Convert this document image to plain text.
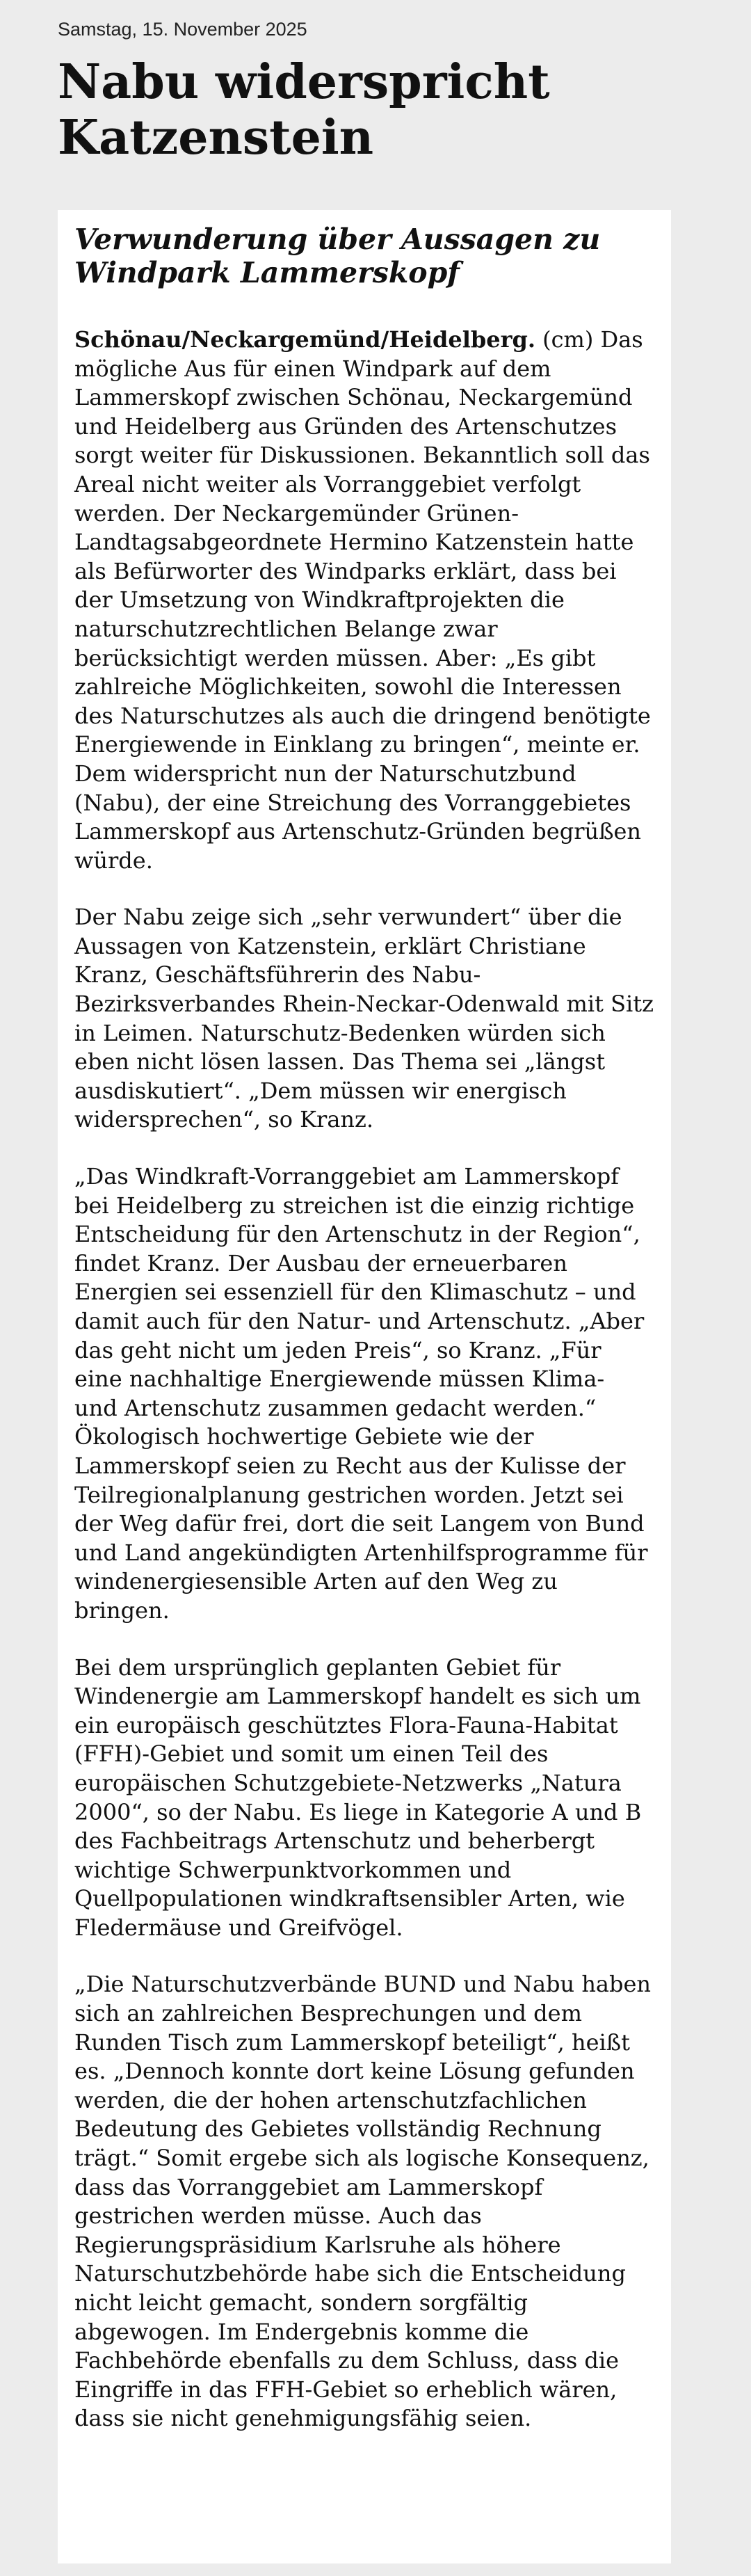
Samstag, 15. November 2025
Nabu widerspricht Katzenstein
Verwunderung über Aussagen zu Windpark Lammerskopf

Schönau/Neckargemünd/Heidelberg. (cm) Das mögliche Aus für einen Windpark auf dem Lammerskopf zwischen Schönau, Neckargemünd und Heidelberg aus Gründen des Artenschutzes sorgt weiter für Diskussionen. Bekanntlich soll das Areal nicht weiter als Vorranggebiet verfolgt werden. Der Neckargemünder Grünen-Landtagsabgeordnete Hermino Katzenstein hatte als Befürworter des Windparks erklärt, dass bei der Umsetzung von Windkraftprojekten die naturschutzrechtlichen Belange zwar berücksichtigt werden müssen. Aber: „Es gibt zahlreiche Möglichkeiten, sowohl die Interessen des Naturschutzes als auch die dringend benötigte Energiewende in Einklang zu bringen“, meinte er. Dem widerspricht nun der Naturschutzbund (Nabu), der eine Streichung des Vorranggebietes Lammerskopf aus Artenschutz-Gründen begrüßen würde.

Der Nabu zeige sich „sehr verwundert“ über die Aussagen von Katzenstein, erklärt Christiane Kranz, Geschäftsführerin des Nabu-Bezirksverbandes Rhein-Neckar-Odenwald mit Sitz in Leimen. Naturschutz-Bedenken würden sich eben nicht lösen lassen. Das Thema sei „längst ausdiskutiert“. „Dem müssen wir energisch widersprechen“, so Kranz.

„Das Windkraft-Vorranggebiet am Lammerskopf bei Heidelberg zu streichen ist die einzig richtige Entscheidung für den Artenschutz in der Region“, findet Kranz. Der Ausbau der erneuerbaren Energien sei essenziell für den Klimaschutz – und damit auch für den Natur- und Artenschutz. „Aber das geht nicht um jeden Preis“, so Kranz. „Für eine nachhaltige Energiewende müssen Klima- und Artenschutz zusammen gedacht werden.“ Ökologisch hochwertige Gebiete wie der Lammerskopf seien zu Recht aus der Kulisse der Teilregionalplanung gestrichen worden. Jetzt sei der Weg dafür frei, dort die seit Langem von Bund und Land angekündigten Artenhilfsprogramme für windenergiesensible Arten auf den Weg zu bringen.

Bei dem ursprünglich geplanten Gebiet für Windenergie am Lammerskopf handelt es sich um ein europäisch geschütztes Flora-Fauna-Habitat (FFH)-Gebiet und somit um einen Teil des europäischen Schutzgebiete-Netzwerks „Natura 2000“, so der Nabu. Es liege in Kategorie A und B des Fachbeitrags Artenschutz und beherbergt wichtige Schwerpunktvorkommen und Quellpopulationen windkraftsensibler Arten, wie Fledermäuse und Greifvögel.

„Die Naturschutzverbände BUND und Nabu haben sich an zahlreichen Besprechungen und dem Runden Tisch zum Lammerskopf beteiligt“, heißt es. „Dennoch konnte dort keine Lösung gefunden werden, die der hohen artenschutzfachlichen Bedeutung des Gebietes vollständig Rechnung trägt.“ Somit ergebe sich als logische Konsequenz, dass das Vorranggebiet am Lammerskopf gestrichen werden müsse. Auch das Regierungspräsidium Karlsruhe als höhere Naturschutzbehörde habe sich die Entscheidung nicht leicht gemacht, sondern sorgfältig abgewogen. Im Endergebnis komme die Fachbehörde ebenfalls zu dem Schluss, dass die Eingriffe in das FFH-Gebiet so erheblich wären, dass sie nicht genehmigungsfähig seien.
